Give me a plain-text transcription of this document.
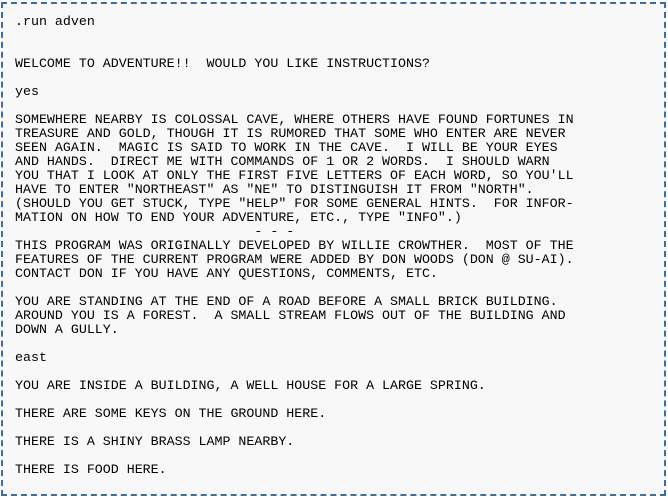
.run adven
WELCOME TO ADVENTURE!!  WOULD YOU LIKE INSTRUCTIONS?
yes
SOMEWHERE NEARBY IS COLOSSAL CAVE, WHERE OTHERS HAVE FOUND FORTUNES IN
TREASURE AND GOLD, THOUGH IT IS RUMORED THAT SOME WHO ENTER ARE NEVER
SEEN AGAIN.  MAGIC IS SAID TO WORK IN THE CAVE.  I WILL BE YOUR EYES
AND HANDS.  DIRECT ME WITH COMMANDS OF 1 OR 2 WORDS.  I SHOULD WARN
YOU THAT I LOOK AT ONLY THE FIRST FIVE LETTERS OF EACH WORD, SO YOU'LL
HAVE TO ENTER "NORTHEAST" AS "NE" TO DISTINGUISH IT FROM "NORTH".
(SHOULD YOU GET STUCK, TYPE "HELP" FOR SOME GENERAL HINTS.  FOR INFOR-
MATION ON HOW TO END YOUR ADVENTURE, ETC., TYPE "INFO".)
- - -
THIS PROGRAM WAS ORIGINALLY DEVELOPED BY WILLIE CROWTHER.  MOST OF THE
FEATURES OF THE CURRENT PROGRAM WERE ADDED BY DON WOODS (DON @ SU-AI).
CONTACT DON IF YOU HAVE ANY QUESTIONS, COMMENTS, ETC.
YOU ARE STANDING AT THE END OF A ROAD BEFORE A SMALL BRICK BUILDING.
AROUND YOU IS A FOREST.  A SMALL STREAM FLOWS OUT OF THE BUILDING AND
DOWN A GULLY.
east
YOU ARE INSIDE A BUILDING, A WELL HOUSE FOR A LARGE SPRING.
THERE ARE SOME KEYS ON THE GROUND HERE.
THERE IS A SHINY BRASS LAMP NEARBY.
THERE IS FOOD HERE.
